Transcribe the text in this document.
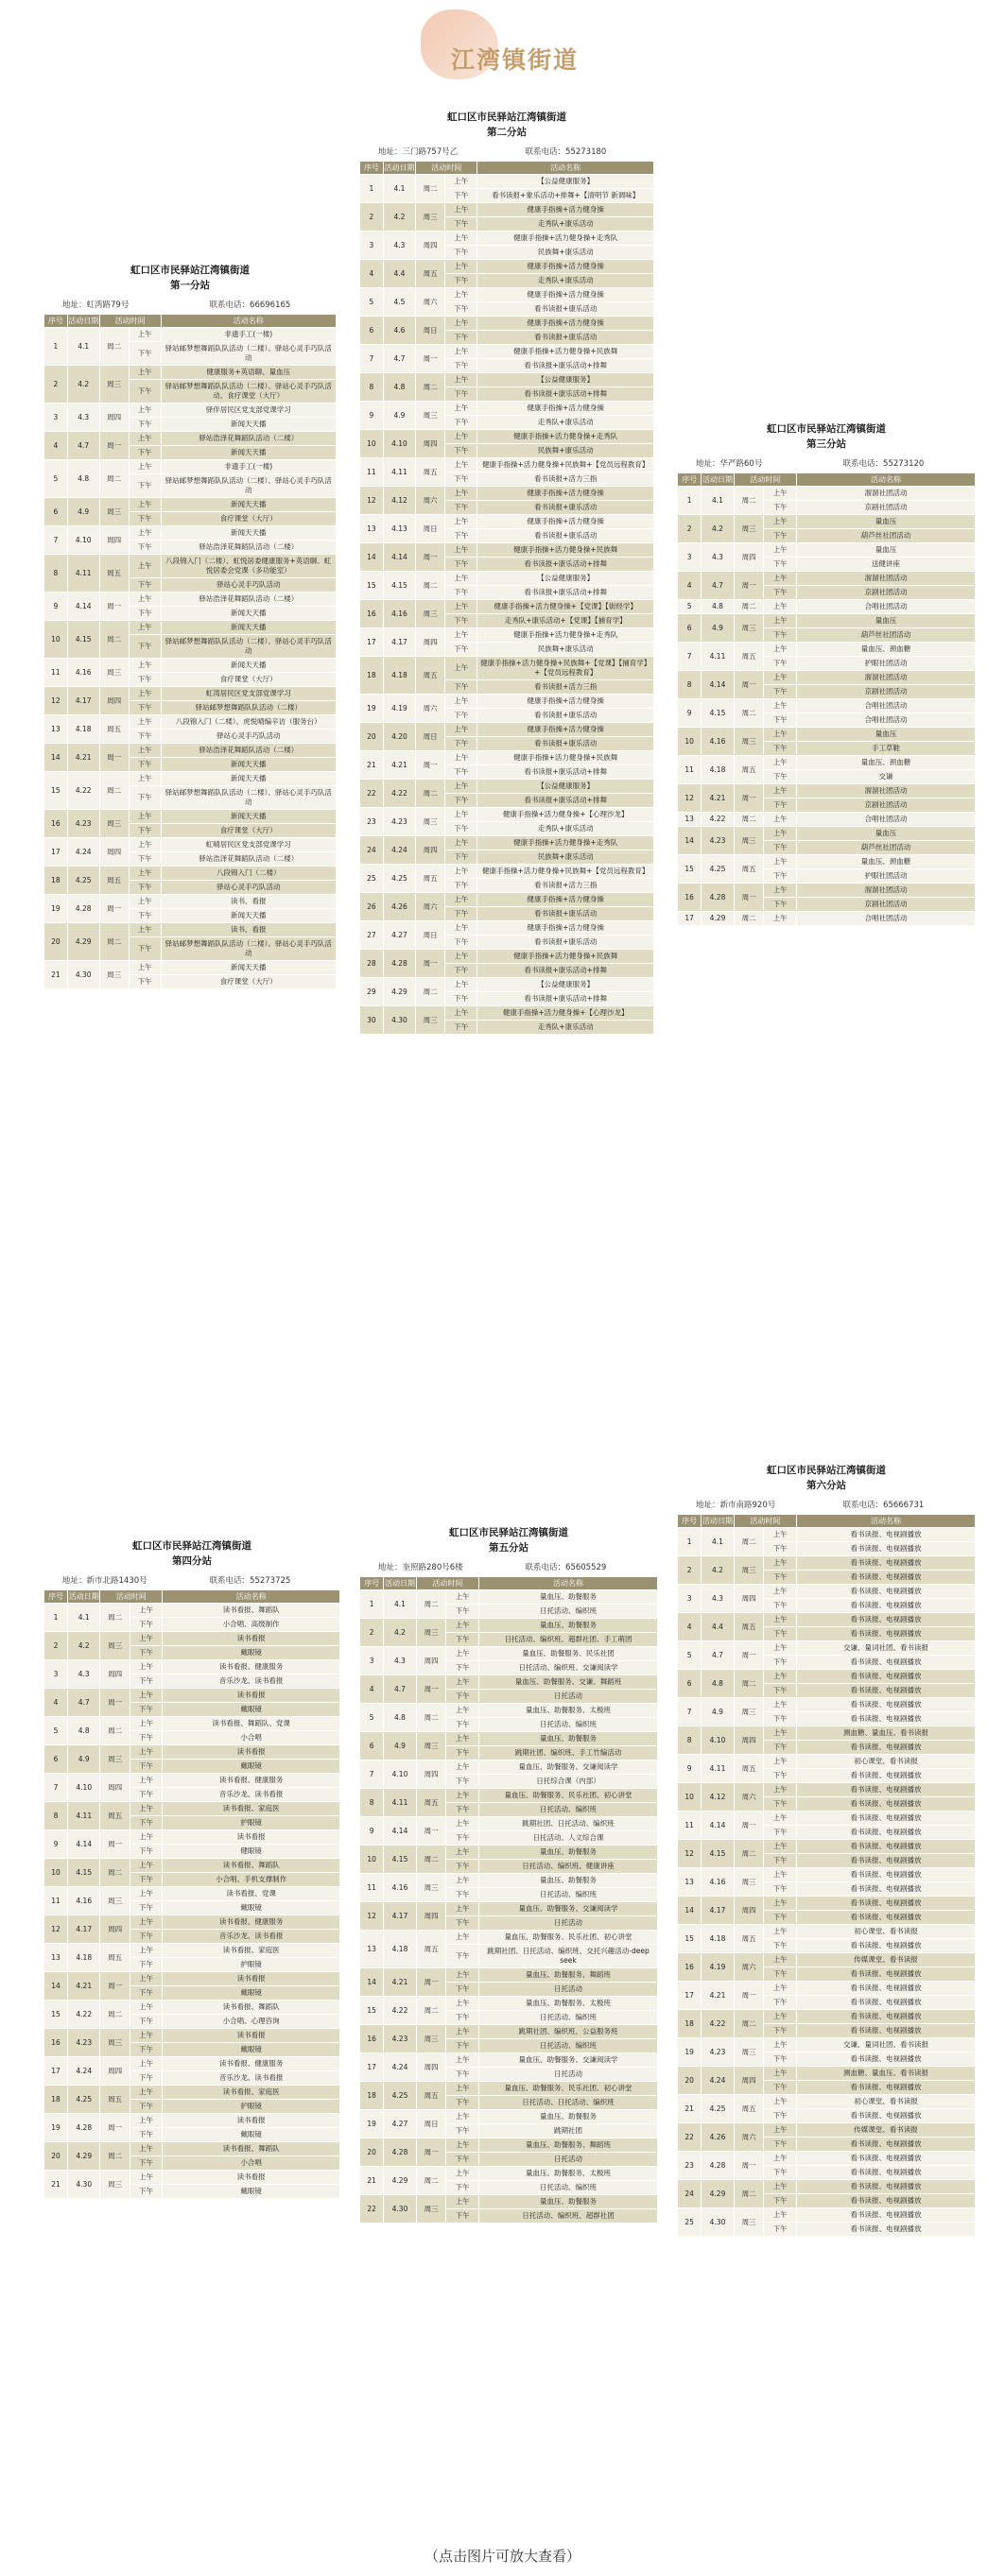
江湾镇街道
虹口区市民驿站江湾镇街道
第一分站
地址：虹湾路79号	联系电话：66696165
序号	活动日期	活动时间		活动名称
1	4.1	周二	上午	非遗手工(一楼)
			下午	驿站邮梦想舞蹈队队活动（二楼）、驿站心灵手巧队活动
2	4.2	周三	上午	健康服务+英语聊、量血压
			下午	驿站邮梦想舞蹈队队活动（二楼）、驿站心灵手巧队活动、食疗课堂（大厅）
3	4.3	周四	上午	驿伴居民区党支部党课学习
			下午	新闻天天播
4	4.7	周一	上午	驿站浩泽花舞蹈队活动（二楼）
			下午	新闻天天播
5	4.8	周二	上午	非遗手工(一楼)
			下午	驿站邮梦想舞蹈队队活动（二楼）、驿站心灵手巧队活动
6	4.9	周三	上午	新闻天天播
			下午	食疗课堂（大厅）
7	4.10	周四	上午	新闻天天播
			下午	驿站浩泽花舞蹈队活动（二楼）
8	4.11	周五	上午	八段锦入门（二楼）、虹悦居委健康服务+英语聊、虹悦居委会党课（多功能室）
			下午	驿站心灵手巧队活动
9	4.14	周一	上午	驿站浩泽花舞蹈队活动（二楼）
			下午	新闻天天播
10	4.15	周二	上午	新闻天天播
			下午	驿站邮梦想舞蹈队队活动（二楼）、驿站心灵手巧队活动
11	4.16	周三	上午	新闻天天播
			下午	食疗课堂（大厅）
12	4.17	周四	上午	虹湾居民区党支部党课学习
			下午	驿站邮梦想舞蹈队队活动（二楼）
13	4.18	周五	上午	八段锦入门（二楼）、虎悦晴编辛访（服务台）
			下午	驿站心灵手巧队活动
14	4.21	周一	上午	驿站浩泽花舞蹈队活动（二楼）
			下午	新闻天天播
15	4.22	周二	上午	新闻天天播
			下午	驿站邮梦想舞蹈队队活动（二楼）、驿站心灵手巧队活动
16	4.23	周三	上午	新闻天天播
			下午	食疗课堂（大厅）
17	4.24	周四	上午	虹晴居民区党支部党课学习
			下午	驿站浩泽花舞蹈队活动（二楼）
18	4.25	周五	上午	八段锦入门（二楼）
			下午	驿站心灵手巧队活动
19	4.28	周一	上午	读书、看报
			下午	新闻天天播
20	4.29	周二	上午	读书、看报
			下午	驿站邮梦想舞蹈队队活动（二楼）、驿站心灵手巧队活动
21	4.30	周三	上午	新闻天天播
			下午	食疗课堂（大厅）
虹口区市民驿站江湾镇街道
第二分站
地址：三门路757号乙	联系电话：55273180
序号	活动日期	活动时间		活动名称
1	4.1	周二	上午	【公益健康服务】
			下午	看书读报+象乐活动+排舞+【清明节 新调味】
2	4.2	周三	上午	健康手指操+活力健身操
			下午	走秀队+康乐活动
3	4.3	周四	上午	健康手指操+活力健身操+走秀队
			下午	民族舞+康乐活动
4	4.4	周五	上午	健康手指操+活力健身操
			下午	走秀队+康乐活动
5	4.5	周六	上午	健康手指操+活力健身操
			下午	看书读报+康乐活动
6	4.6	周日	上午	健康手指操+活力健身操
			下午	看书读报+康乐活动
7	4.7	周一	上午	健康手指操+活力健身操+民族舞
			下午	看书读报+康乐活动+排舞
8	4.8	周二	上午	【公益健康服务】
			下午	看书读报+康乐活动+排舞
9	4.9	周三	上午	健康手指操+活力健身操
			下午	走秀队+康乐活动
10	4.10	周四	上午	健康手指操+活力健身操+走秀队
			下午	民族舞+康乐活动
11	4.11	周五	上午	健康手指操+活力健身操+民族舞+【党员远程教育】
			下午	看书读报+活力三指
12	4.12	周六	上午	健康手指操+活力健身操
			下午	看书读报+康乐活动
13	4.13	周日	上午	健康手指操+活力健身操
			下午	看书读报+康乐活动
14	4.14	周一	上午	健康手指操+活力健身操+民族舞
			下午	看书读报+康乐活动+排舞
15	4.15	周二	上午	【公益健康服务】
			下午	看书读报+康乐活动+排舞
16	4.16	周三	上午	健康手指操+活力健身操+【党课】【街经学】
			下午	走秀队+康乐活动+【党课】【捕育学】
17	4.17	周四	上午	健康手指操+活力健身操+走秀队
			下午	民族舞+康乐活动
18	4.18	周五	上午	健康手指操+活力健身操+民族舞+【党课】【捕育学】+【党员远程教育】
			下午	看书读报+活力三指
19	4.19	周六	上午	健康手指操+活力健身操
			下午	看书读报+康乐活动
20	4.20	周日	上午	健康手指操+活力健身操
			下午	看书读报+康乐活动
21	4.21	周一	上午	健康手指操+活力健身操+民族舞
			下午	看书读报+康乐活动+排舞
22	4.22	周二	上午	【公益健康服务】
			下午	看书读报+康乐活动+排舞
23	4.23	周三	上午	健康手指操+活力健身操+【心理沙龙】
			下午	走秀队+康乐活动
24	4.24	周四	上午	健康手指操+活力健身操+走秀队
			下午	民族舞+康乐活动
25	4.25	周五	上午	健康手指操+活力健身操+民族舞+【党员远程教育】
			下午	看书读报+活力三指
26	4.26	周六	上午	健康手指操+活力健身操
			下午	看书读报+康乐活动
27	4.27	周日	上午	健康手指操+活力健身操
			下午	看书读报+康乐活动
28	4.28	周一	上午	健康手指操+活力健身操+民族舞
			下午	看书读报+康乐活动+排舞
29	4.29	周二	上午	【公益健康服务】
			下午	看书读报+康乐活动+排舞
30	4.30	周三	上午	健康手指操+活力健身操+【心理沙龙】
			下午	走秀队+康乐活动
虹口区市民驿站江湾镇街道
第三分站
地址：华严路60号	联系电话：55273120
序号	活动日期	活动时间		活动名称
1	4.1	周二	上午	溜溜社团活动
			下午	京剧社团活动
2	4.2	周三	上午	量血压
			下午	葫芦丝社团活动
3	4.3	周四	上午	量血压
			下午	送健讲座
4	4.7	周一	上午	溜溜社团活动
			下午	京剧社团活动
5	4.8	周二	上午	合唱社团活动
6	4.9	周三	上午	量血压
			下午	葫芦丝社团活动
7	4.11	周五	上午	量血压、颈血糖
			下午	护眼社团活动
8	4.14	周一	上午	溜溜社团活动
			下午	京剧社团活动
9	4.15	周二	上午	合唱社团活动
			下午	合唱社团活动
10	4.16	周三	上午	量血压
			下午	手工草鞋
11	4.18	周五	上午	量血压、颈血糖
			下午	交谦
12	4.21	周一	上午	溜溜社团活动
			下午	京剧社团活动
13	4.22	周二	上午	合唱社团活动
14	4.23	周三	上午	量血压
			下午	葫芦丝社团活动
15	4.25	周五	上午	量血压、颈血糖
			下午	护眼社团活动
16	4.28	周一	上午	溜溜社团活动
			下午	京剧社团活动
17	4.29	周二	上午	合唱社团活动
虹口区市民驿站江湾镇街道
第四分站
地址：新市北路1430号	联系电话：55273725
序号	活动日期	活动时间		活动名称
1	4.1	周二	上午	读书看报、舞蹈队
			下午	小合唱、高级制作
2	4.2	周三	上午	读书看报
			下午	戴眼镜
3	4.3	周四	上午	读书看报、健康服务
			下午	音乐沙龙、读书看报
4	4.7	周一	上午	读书看报
			下午	戴眼镜
5	4.8	周二	上午	读书看报、舞蹈队、党课
			下午	小合唱
6	4.9	周三	上午	读书看报
			下午	戴眼镜
7	4.10	周四	上午	读书看报、健康服务
			下午	音乐沙龙、读书看报
8	4.11	周五	上午	读书看报、家庭医
			下午	护眼镜
9	4.14	周一	上午	读书看报
			下午	健眼镜
10	4.15	周二	上午	读书看报、舞蹈队
			下午	小合唱、手机支撑制作
11	4.16	周三	上午	读书看报、党课
			下午	戴眼镜
12	4.17	周四	上午	读书看报、健康服务
			下午	音乐沙龙、读书看报
13	4.18	周五	上午	读书看报、家庭医
			下午	护眼镜
14	4.21	周一	上午	读书看报
			下午	戴眼镜
15	4.22	周二	上午	读书看报、舞蹈队
			下午	小合唱、心理咨询
16	4.23	周三	上午	读书看报
			下午	戴眼镜
17	4.24	周四	上午	读书看报、健康服务
			下午	音乐沙龙、读书看报
18	4.25	周五	上午	读书看报、家庭医
			下午	护眼镜
19	4.28	周一	上午	读书看报
			下午	戴眼镜
20	4.29	周二	上午	读书看报、舞蹈队
			下午	小合唱
21	4.30	周三	上午	读书看报
			下午	戴眼镜
虹口区市民驿站江湾镇街道
第五分站
地址：奎照路280号6楼	联系电话：65605529
序号	活动日期	活动时间		活动名称
1	4.1	周二	上午	量血压、助餐服务
			下午	日托活动、编织班
2	4.2	周三	上午	量血压、助餐服务
			下午	日托活动、编织班、超群社团、手工萌团
3	4.3	周四	上午	量血压、助餐服务、民乐社团
			下午	日托活动、编织班、交谦阅读学
4	4.7	周一	上午	量血压、助餐服务、交谦、舞蹈班
			下午	日托活动
5	4.8	周二	上午	量血压、助餐服务、太极班
			下午	日托活动、编织班
6	4.9	周三	上午	量血压、助餐服务
			下午	跳期社团、编织班、手工竹编活动
7	4.10	周四	上午	量血压、助餐服务、交谦阅读学
			下午	日托综合课（内部）
8	4.11	周五	上午	量血压、助餐服务、民乐社团、初心讲堂
			下午	日托活动、编织班
9	4.14	周一	上午	跳期社团、日托活动、编织班
			下午	日托活动、人文综合课
10	4.15	周二	上午	量血压、助餐服务
			下午	日托活动、编织班、健康讲座
11	4.16	周三	上午	量血压、助餐服务
			下午	日托活动、编织班
12	4.17	周四	上午	量血压、助餐服务、交谦阅读学
			下午	日托活动
13	4.18	周五	上午	量血压、助餐服务、民乐社团、初心讲堂
			下午	跳期社团、日托活动、编织班、交托兴趣活动-deep seek
14	4.21	周一	上午	量血压、助餐服务、舞蹈班
			下午	日托活动
15	4.22	周二	上午	量血压、助餐服务、太极班
			下午	日托活动、编织班
16	4.23	周三	上午	跳期社团、编织班、公益服务班
			下午	日托活动、编织班
17	4.24	周四	上午	量血压、助餐服务、交谦阅读学
			下午	日托活动
18	4.25	周五	上午	量血压、助餐服务、民乐社团、初心讲堂
			下午	日托活动、日托活动、编织班
19	4.27	周日	上午	量血压、助餐服务
			下午	跳期社团
20	4.28	周一	上午	量血压、助餐服务、舞蹈班
			下午	日托活动
21	4.29	周二	上午	量血压、助餐服务、太极班
			下午	日托活动、编织班
22	4.30	周三	上午	量血压、助餐服务
			下午	日托活动、编织班、超群社团
虹口区市民驿站江湾镇街道
第六分站
地址：新市南路920号	联系电话：65666731
序号	活动日期	活动时间		活动名称
1	4.1	周二	上午	看书读报、电视剧播放
			下午	看书读报、电视剧播放
2	4.2	周三	上午	看书读报、电视剧播放
			下午	看书读报、电视剧播放
3	4.3	周四	上午	看书读报、电视剧播放
			下午	看书读报、电视剧播放
4	4.4	周五	上午	看书读报、电视剧播放
			下午	看书读报、电视剧播放
5	4.7	周一	上午	交谦、量词社团、看书读报
			下午	看书读报、电视剧播放
6	4.8	周二	上午	看书读报、电视剧播放
			下午	看书读报、电视剧播放
7	4.9	周三	上午	看书读报、电视剧播放
			下午	看书读报、电视剧播放
8	4.10	周四	上午	测血糖、量血压、看书读报
			下午	看书读报、电视剧播放
9	4.11	周五	上午	初心课堂、看书读报
			下午	看书读报、电视剧播放
10	4.12	周六	上午	看书读报、电视剧播放
			下午	看书读报、电视剧播放
11	4.14	周一	上午	看书读报、电视剧播放
			下午	看书读报、电视剧播放
12	4.15	周二	上午	看书读报、电视剧播放
			下午	看书读报、电视剧播放
13	4.16	周三	上午	看书读报、电视剧播放
			下午	看书读报、电视剧播放
14	4.17	周四	上午	看书读报、电视剧播放
			下午	看书读报、电视剧播放
15	4.18	周五	上午	初心课堂、看书读报
			下午	看书读报、电视剧播放
16	4.19	周六	上午	传媒课堂、看书读报
			下午	看书读报、电视剧播放
17	4.21	周一	上午	看书读报、电视剧播放
			下午	看书读报、电视剧播放
18	4.22	周二	上午	看书读报、电视剧播放
			下午	看书读报、电视剧播放
19	4.23	周三	上午	交谦、量词社团、看书读报
			下午	看书读报、电视剧播放
20	4.24	周四	上午	测血糖、量血压、看书读报
			下午	看书读报、电视剧播放
21	4.25	周五	上午	初心课堂、看书读报
			下午	看书读报、电视剧播放
22	4.26	周六	上午	传媒课堂、看书读报
			下午	看书读报、电视剧播放
23	4.28	周一	上午	看书读报、电视剧播放
			下午	看书读报、电视剧播放
24	4.29	周二	上午	看书读报、电视剧播放
			下午	看书读报、电视剧播放
25	4.30	周三	上午	看书读报、电视剧播放
			下午	看书读报、电视剧播放
（点击图片可放大查看）
